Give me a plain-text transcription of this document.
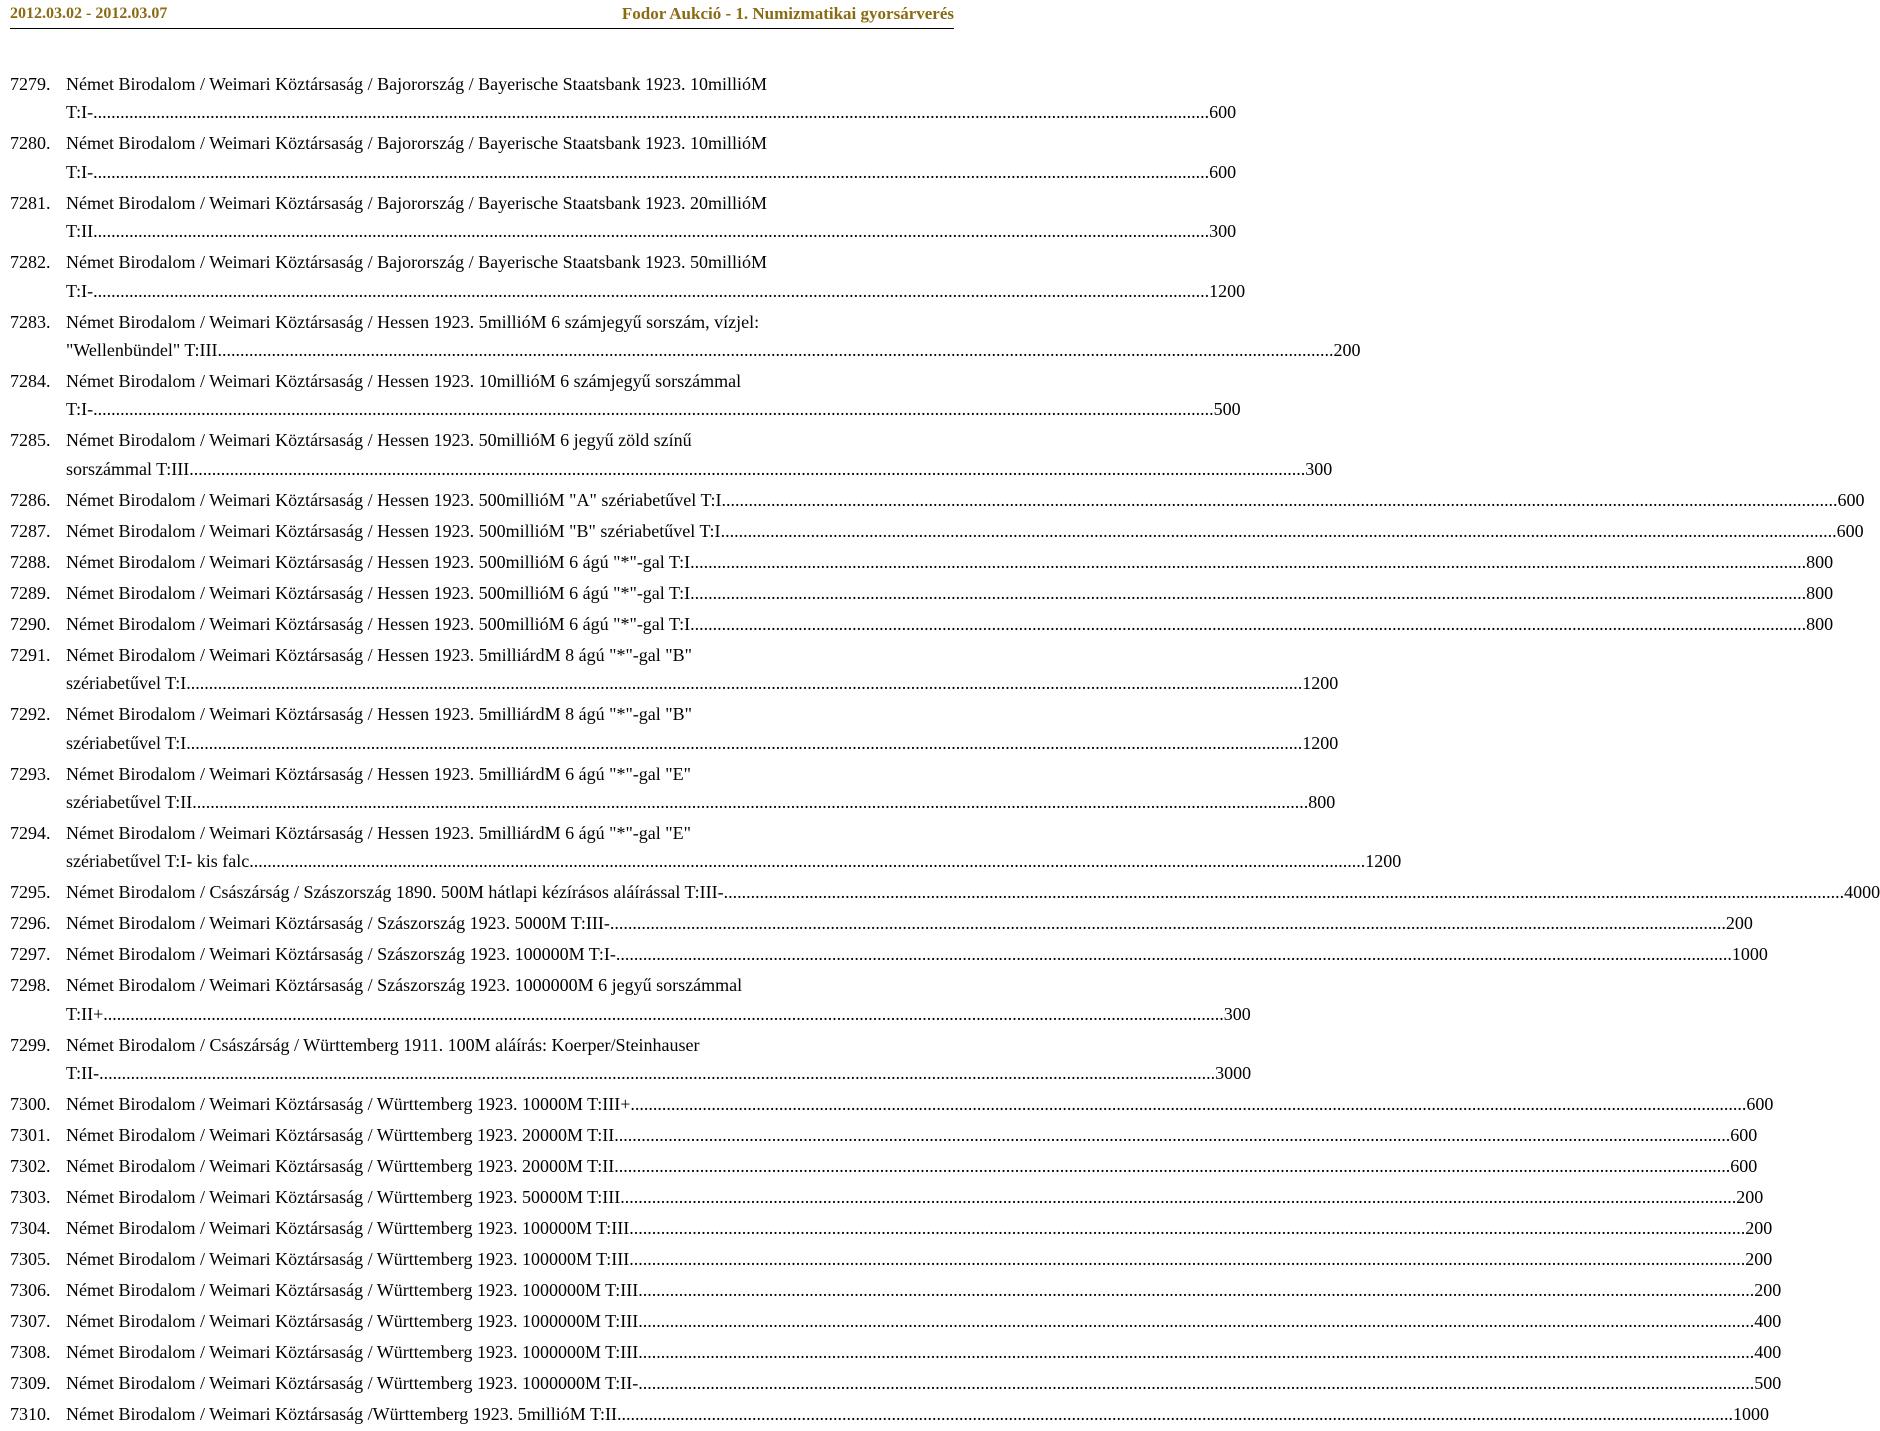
2012.03.02 - 2012.03.07	Fodor Aukció - 1. Numizmatikai gyorsárverés
7279. Német Birodalom / Weimari Köztársaság / Bajorország / Bayerische Staatsbank 1923. 10millióM
T:I- .....	600
7280. Német Birodalom / Weimari Köztársaság / Bajorország / Bayerische Staatsbank 1923. 10millióM
T:I- .....	600
7281. Német Birodalom / Weimari Köztársaság / Bajorország / Bayerische Staatsbank 1923. 20millióM
T:II .....	300
7282. Német Birodalom / Weimari Köztársaság / Bajorország / Bayerische Staatsbank 1923. 50millióM
T:I- .....	1200
7283. Német Birodalom / Weimari Köztársaság / Hessen 1923. 5millióM 6 számjegyű sorszám, vízjel:
"Wellenbündel" T:III .....	200
7284. Német Birodalom / Weimari Köztársaság / Hessen 1923. 10millióM 6 számjegyű sorszámmal
T:I-. .....	500
7285. Német Birodalom / Weimari Köztársaság / Hessen 1923. 50millióM 6 jegyű zöld színű
sorszámmal T:III .....	300
7286. Német Birodalom / Weimari Köztársaság / Hessen 1923. 500millióM "A" szériabetűvel T:I .....	600
7287. Német Birodalom / Weimari Köztársaság / Hessen 1923. 500millióM "B" szériabetűvel T:I .....	600
7288. Német Birodalom / Weimari Köztársaság / Hessen 1923. 500millióM 6 ágú "*"-gal T:I .....	800
7289. Német Birodalom / Weimari Köztársaság / Hessen 1923. 500millióM 6 ágú "*"-gal T:I .....	800
7290. Német Birodalom / Weimari Köztársaság / Hessen 1923. 500millióM 6 ágú "*"-gal T:I .....	800
7291. Német Birodalom / Weimari Köztársaság / Hessen 1923. 5milliárdM 8 ágú "*"-gal "B"
szériabetűvel T:I .....	1200
7292. Német Birodalom / Weimari Köztársaság / Hessen 1923. 5milliárdM 8 ágú "*"-gal "B"
szériabetűvel T:I .....	1200
7293. Német Birodalom / Weimari Köztársaság / Hessen 1923. 5milliárdM 6 ágú "*"-gal "E"
szériabetűvel T:II .....	800
7294. Német Birodalom / Weimari Köztársaság / Hessen 1923. 5milliárdM 6 ágú "*"-gal "E"
szériabetűvel T:I- kis falc .....	1200
7295. Német Birodalom / Császárság / Szászország 1890. 500M hátlapi kézírásos aláírással T:III-. .....	4000
7296. Német Birodalom / Weimari Köztársaság / Szászország 1923. 5000M T:III- .....	200
7297. Német Birodalom / Weimari Köztársaság / Szászország 1923. 100000M T:I- .....	1000
7298. Német Birodalom / Weimari Köztársaság / Szászország 1923. 1000000M 6 jegyű sorszámmal
T:II+. .....	300
7299. Német Birodalom / Császárság / Württemberg 1911. 100M aláírás: Koerper/Steinhauser
T:II- .....	3000
7300. Német Birodalom / Weimari Köztársaság / Württemberg 1923. 10000M T:III+ .....	600
7301. Német Birodalom / Weimari Köztársaság / Württemberg 1923. 20000M T:II .....	600
7302. Német Birodalom / Weimari Köztársaság / Württemberg 1923. 20000M T:II .....	600
7303. Német Birodalom / Weimari Köztársaság / Württemberg 1923. 50000M T:III .....	200
7304. Német Birodalom / Weimari Köztársaság / Württemberg 1923. 100000M T:III .....	200
7305. Német Birodalom / Weimari Köztársaság / Württemberg 1923. 100000M T:III .....	200
7306. Német Birodalom / Weimari Köztársaság / Württemberg 1923. 1000000M T:III .....	200
7307. Német Birodalom / Weimari Köztársaság / Württemberg 1923. 1000000M T:III .....	400
7308. Német Birodalom / Weimari Köztársaság / Württemberg 1923. 1000000M T:III .....	400
7309. Német Birodalom / Weimari Köztársaság / Württemberg 1923. 1000000M T:II- .....	500
7310. Német Birodalom / Weimari Köztársaság /Württemberg 1923. 5millióM T:II .....	1000
